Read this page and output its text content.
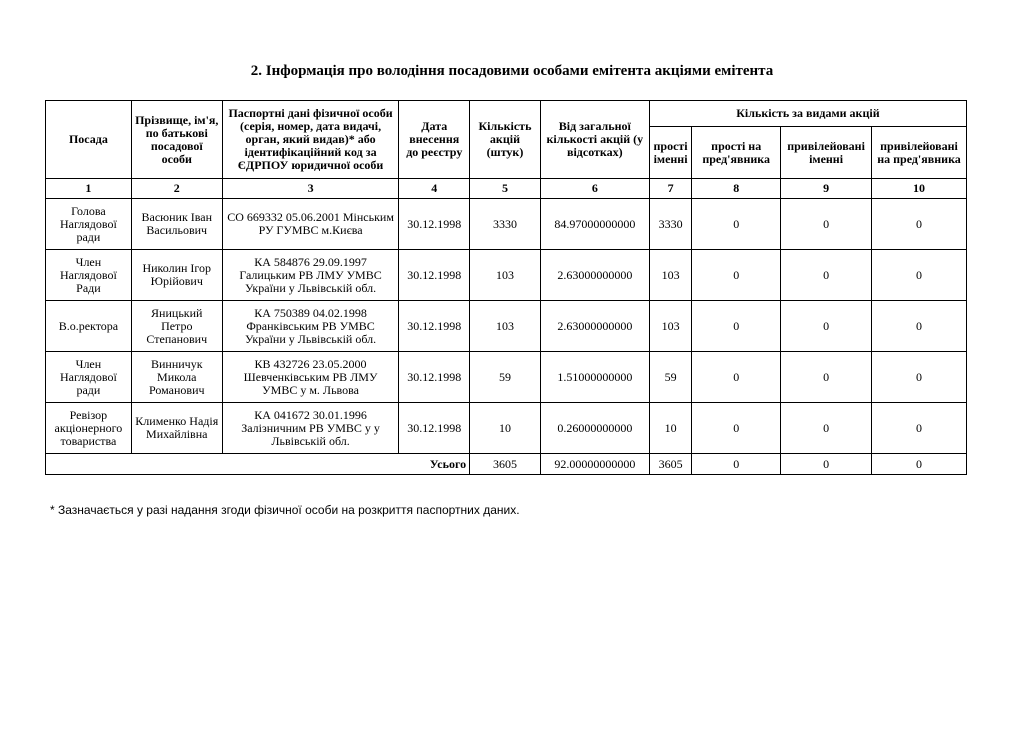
2. Інформація про володіння посадовими особами емітента акціями емітента
Посада	Прізвище, ім'я, по батькові посадової особи	Паспортні дані фізичної особи (серія, номер, дата видачі, орган, який видав)* або ідентифікаційний код за ЄДРПОУ юридичної особи	Дата внесення до реєстру	Кількість акцій (штук)	Від загальної кількості акцій (у відсотках)	Кількість за видами акцій			
						прості іменні	прості на пред'явника	привілейовані іменні	привілейовані на пред'явника
1	2	3	4	5	6	7	8	9	10
Голова Наглядової ради	Васюник Іван Васильович	СО 669332 05.06.2001 Мінським РУ ГУМВС м.Києва	30.12.1998	3330	84.97000000000	3330	0	0	0
Член Наглядової Ради	Николин Ігор Юрійович	КА 584876 29.09.1997 Галицьким РВ ЛМУ УМВС України у Львівській обл.	30.12.1998	103	2.63000000000	103	0	0	0
В.о.ректора	Яницький Петро Степанович	КА 750389 04.02.1998 Франківським РВ УМВС України у Львівській обл.	30.12.1998	103	2.63000000000	103	0	0	0
Член Наглядової ради	Винничук Микола Романович	КВ 432726 23.05.2000 Шевченківським РВ ЛМУ УМВС у м. Львова	30.12.1998	59	1.51000000000	59	0	0	0
Ревізор акціонерного товариства	Клименко Надія Михайлівна	КА 041672 30.01.1996 Залізничним РВ УМВС у у Львівській обл.	30.12.1998	10	0.26000000000	10	0	0	0
Усього				3605	92.00000000000	3605	0	0	0
* Зазначається у разі надання згоди фізичної особи на розкриття паспортних даних.
